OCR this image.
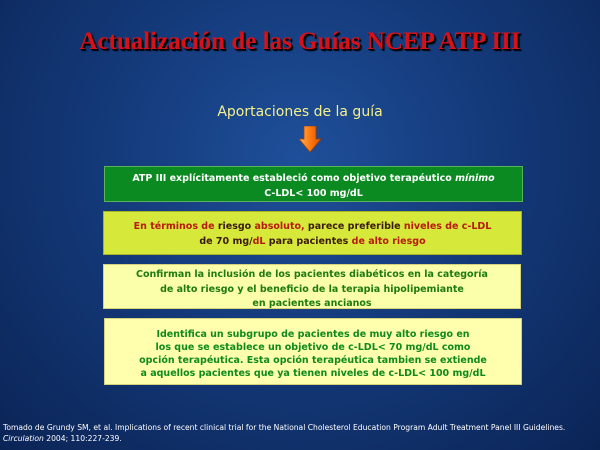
Actualización de las Guías NCEP ATP III
Aportaciones de la guía
ATP III explícitamente estableció como objetivo terapéutico mínimo
C-LDL< 100 mg/dL
En términos de riesgo absoluto, parece preferible niveles de c-LDL
de 70 mg/dL para pacientes de alto riesgo
Confirman la inclusión de los pacientes diabéticos en la categoría
de alto riesgo y el beneficio de la terapia hipolipemiante
en pacientes ancianos
Identifica un subgrupo de pacientes de muy alto riesgo en
los que se establece un objetivo de c-LDL< 70 mg/dL como
opción terapéutica. Esta opción terapéutica tambien se extiende
a aquellos pacientes que ya tienen niveles de c-LDL< 100 mg/dL
Tomado de Grundy SM, et al. Implications of recent clinical trial for the National Cholesterol Education Program Adult Treatment Panel III Guidelines. Circulation 2004; 110:227-239.
